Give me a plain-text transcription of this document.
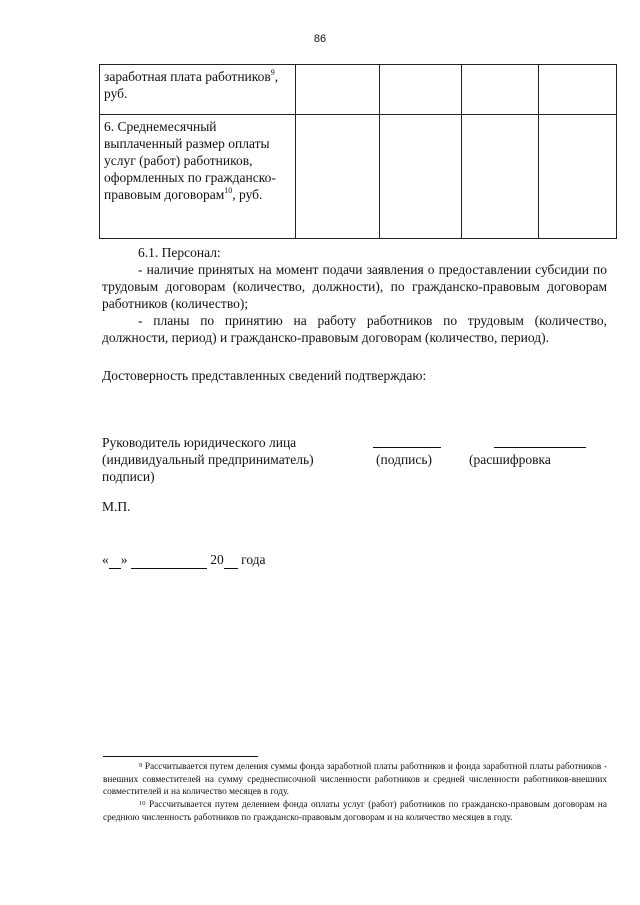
86
заработная плата работников$^9$, руб.				
6. Среднемесячный выплаченный размер оплаты услуг (работ) работников, оформленных по гражданско-правовым договорам$^{10}$, руб.				
6.1. Персонал:
- наличие принятых на момент подачи заявления о предоставлении субсидии по трудовым договорам (количество, должности), по гражданско-правовым договорам работников (количество);
- планы по принятию на работу работников по трудовым (количество, должности, период) и гражданско-правовым договорам (количество, период).
Достоверность представленных сведений подтверждаю:
Руководитель юридического лица
(индивидуальный предприниматель)
подписи)
(подпись)	(расшифровка
М.П.
« »	20 года
$^9$ Рассчитывается путем деления суммы фонда заработной платы работников и фонда заработной платы работников - внешних совместителей на сумму среднесписочной численности работников и средней численности работников-внешних совместителей и на количество месяцев в году.
$^{10}$ Рассчитывается путем делением фонда оплаты услуг (работ) работников по гражданско-правовым договорам на среднюю численность работников по гражданско-правовым договорам и на количество месяцев в году.
